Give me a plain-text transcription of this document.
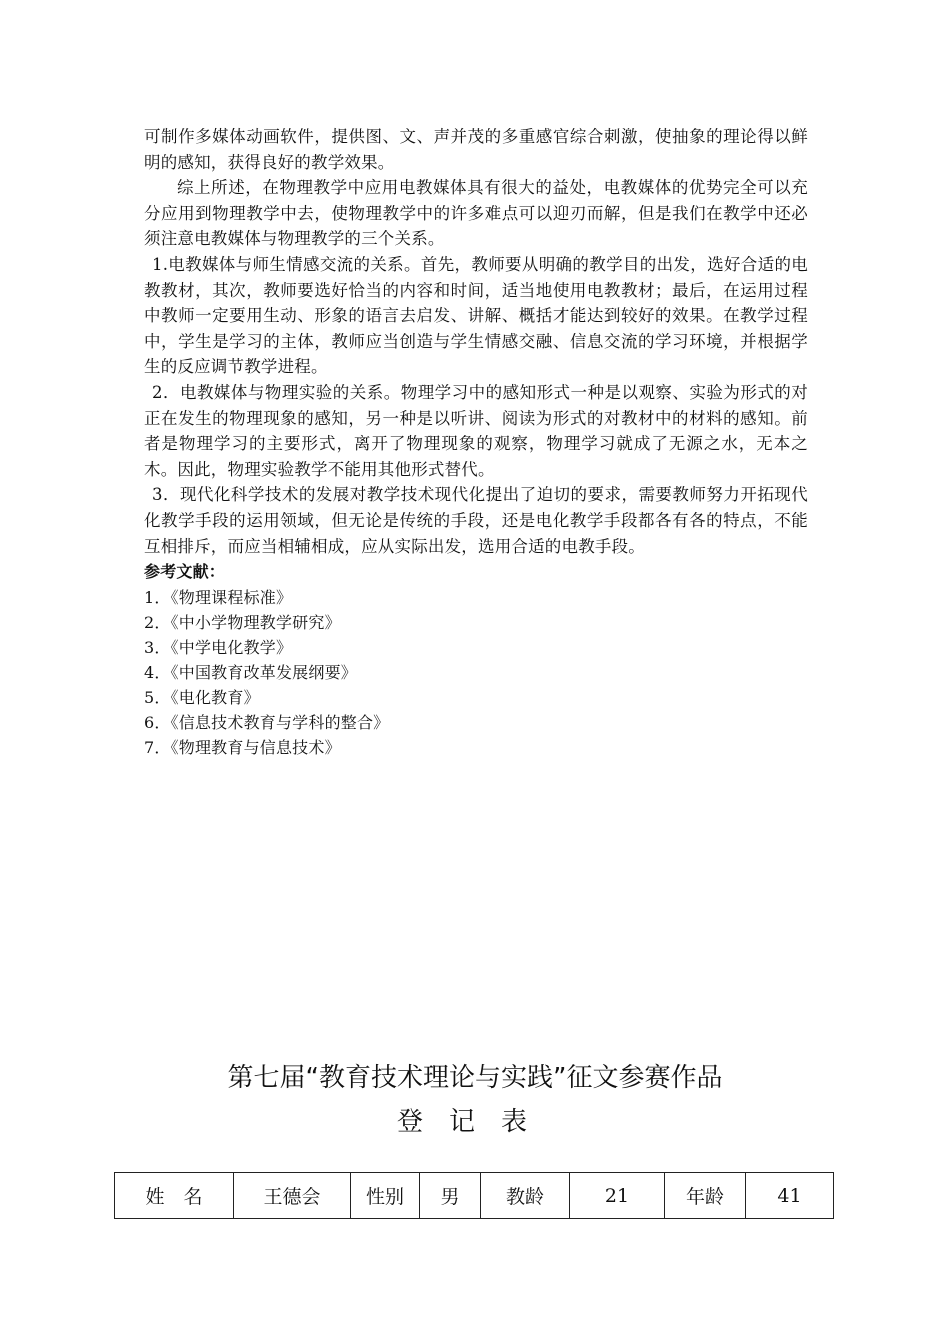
可制作多媒体动画软件，提供图、文、声并茂的多重感官综合刺激，使抽象的理论得以鲜明的感知，获得良好的教学效果。

综上所述，在物理教学中应用电教媒体具有很大的益处，电教媒体的优势完全可以充分应用到物理教学中去，使物理教学中的许多难点可以迎刃而解，但是我们在教学中还必须注意电教媒体与物理教学的三个关系。

1.电教媒体与师生情感交流的关系。首先，教师要从明确的教学目的出发，选好合适的电教教材，其次，教师要选好恰当的内容和时间，适当地使用电教教材；最后，在运用过程中教师一定要用生动、形象的语言去启发、讲解、概括才能达到较好的效果。在教学过程中，学生是学习的主体，教师应当创造与学生情感交融、信息交流的学习环境，并根据学生的反应调节教学进程。

2．电教媒体与物理实验的关系。物理学习中的感知形式一种是以观察、实验为形式的对正在发生的物理现象的感知，另一种是以听讲、阅读为形式的对教材中的材料的感知。前者是物理学习的主要形式，离开了物理现象的观察，物理学习就成了无源之水，无本之木。因此，物理实验教学不能用其他形式替代。

3．现代化科学技术的发展对教学技术现代化提出了迫切的要求，需要教师努力开拓现代化教学手段的运用领域，但无论是传统的手段，还是电化教学手段都各有各的特点，不能互相排斥，而应当相辅相成，应从实际出发，选用合适的电教手段。

参考文献：
1．《物理课程标准》
2．《中小学物理教学研究》
3．《中学电化教学》
4．《中国教育改革发展纲要》
5．《电化教育》
6．《信息技术教育与学科的整合》
7．《物理教育与信息技术》
第七届“教育技术理论与实践”征文参赛作品
登记表
姓　名	王德会	性别	男	教龄	21	年龄	41
